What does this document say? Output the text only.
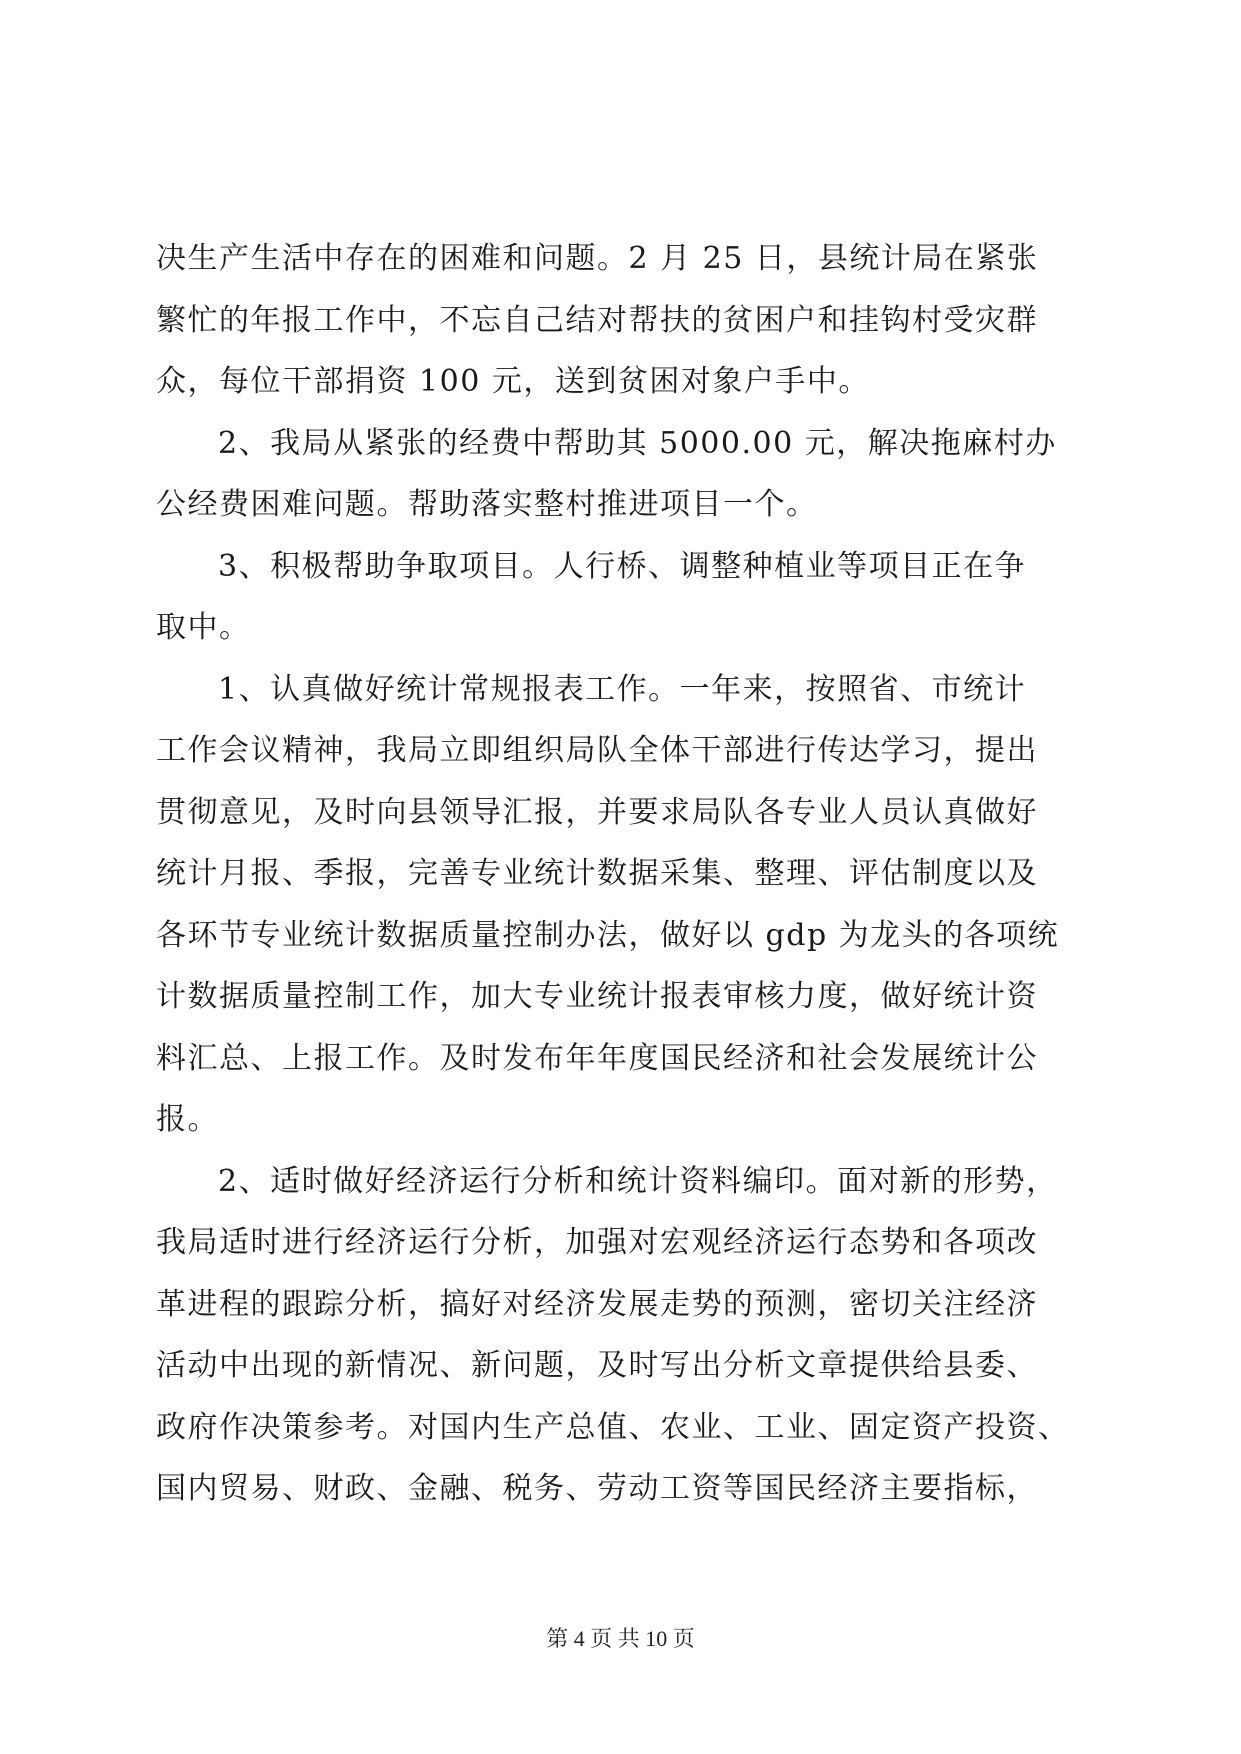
决生产生活中存在的困难和问题。2 月 25 日，县统计局在紧张
繁忙的年报工作中，不忘自己结对帮扶的贫困户和挂钩村受灾群
众，每位干部捐资 100 元，送到贫困对象户手中。
2、我局从紧张的经费中帮助其 5000.00 元，解决拖麻村办
公经费困难问题。帮助落实整村推进项目一个。
3、积极帮助争取项目。人行桥、调整种植业等项目正在争
取中。
1、认真做好统计常规报表工作。一年来，按照省、市统计
工作会议精神，我局立即组织局队全体干部进行传达学习，提出
贯彻意见，及时向县领导汇报，并要求局队各专业人员认真做好
统计月报、季报，完善专业统计数据采集、整理、评估制度以及
各环节专业统计数据质量控制办法，做好以 gdp 为龙头的各项统
计数据质量控制工作，加大专业统计报表审核力度，做好统计资
料汇总、上报工作。及时发布年年度国民经济和社会发展统计公
报。
2、适时做好经济运行分析和统计资料编印。面对新的形势，
我局适时进行经济运行分析，加强对宏观经济运行态势和各项改
革进程的跟踪分析，搞好对经济发展走势的预测，密切关注经济
活动中出现的新情况、新问题，及时写出分析文章提供给县委、
政府作决策参考。对国内生产总值、农业、工业、固定资产投资、
国内贸易、财政、金融、税务、劳动工资等国民经济主要指标，
第 4 页 共 10 页
